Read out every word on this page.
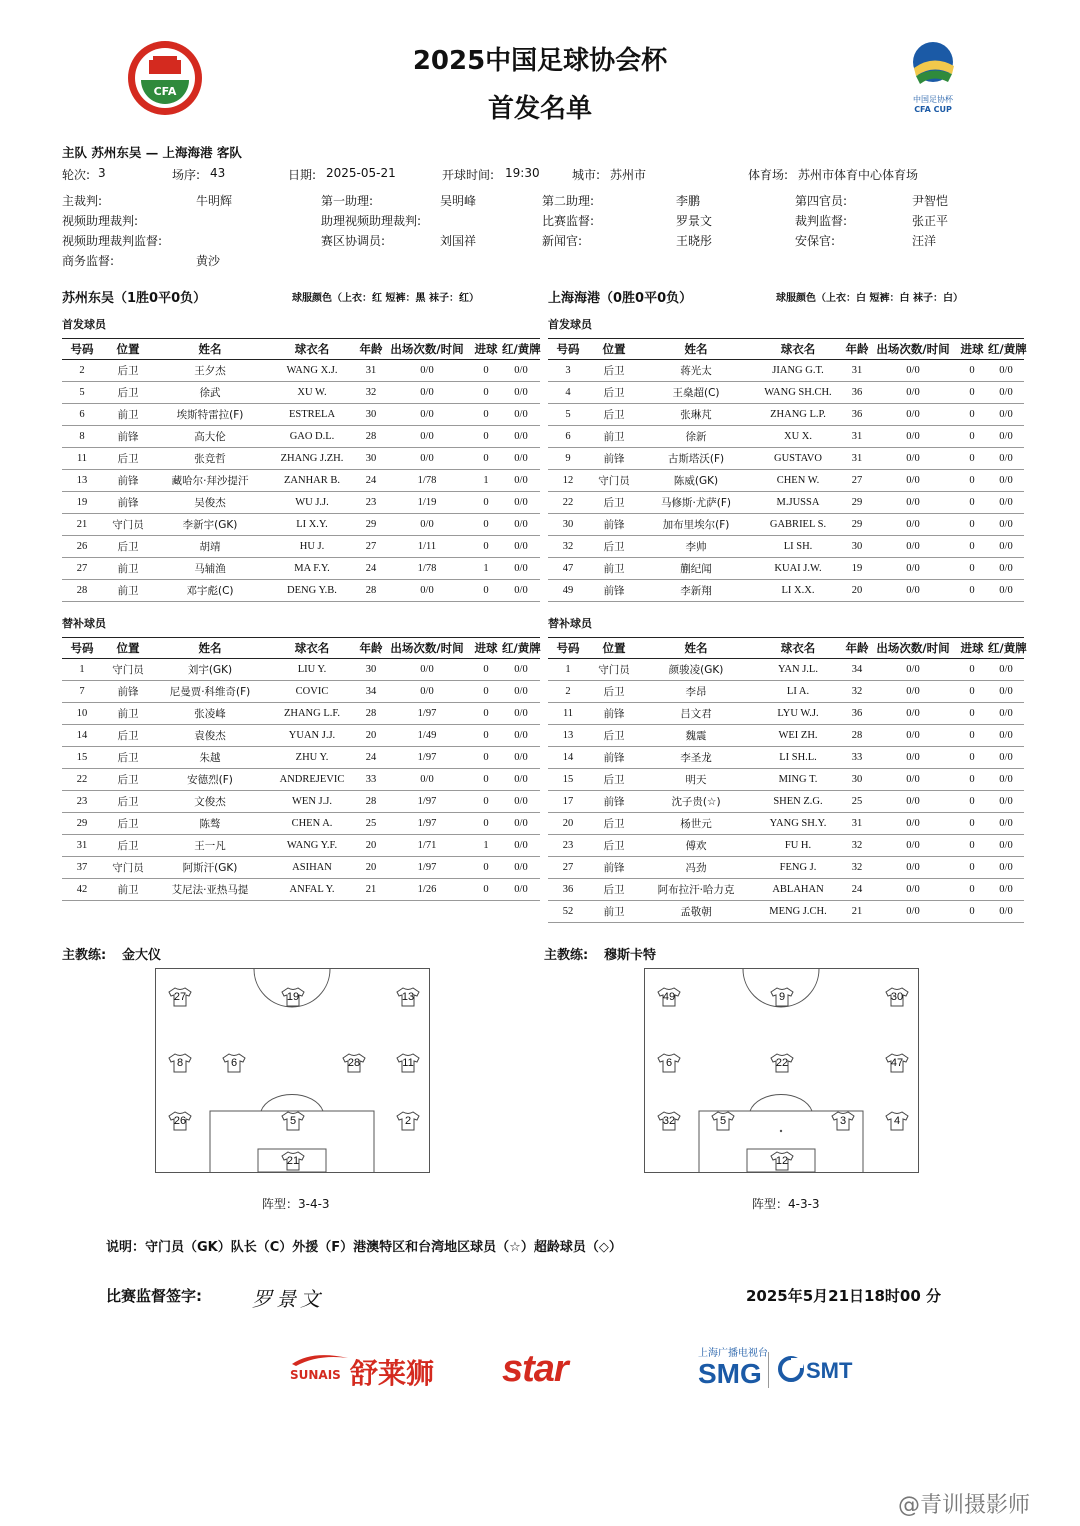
CFA
2025中国足球协会杯
首发名单	中国足协杯
CFA CUP
主队 苏州东吴 — 上海海港 客队
轮次: 3	场序: 43	日期: 2025-05-21	开球时间: 19:30	城市: 苏州市	体育场: 苏州市体育中心体育场
主裁判:	牛明辉	第一助理:	吴明峰	第二助理:	李鹏	第四官员:	尹智恺
视频助理裁判:	助理视频助理裁判:	比赛监督:	罗景文	裁判监督:	张正平
视频助理裁判监督:	赛区协调员:	刘国祥	新闻官:	王晓彤	安保官:	汪洋
商务监督:	黄沙
苏州东吴（1胜0平0负）	球服颜色（上衣：红 短裤：黑 袜子：红）	上海海港（0胜0平0负）	球服颜色（上衣：白 短裤：白 袜子：白）
首发球员	首发球员
号码	位置	姓名	球衣名	年龄	出场次数/时间	进球	红/黄牌
2	后卫	王夕杰	WANG X.J.	31	0/0	0	0/0
5	后卫	徐武	XU W.	32	0/0	0	0/0
6	前卫	埃斯特雷拉(F)	ESTRELA	30	0/0	0	0/0
8	前锋	高大伦	GAO D.L.	28	0/0	0	0/0
11	后卫	张竞哲	ZHANG J.ZH.	30	0/0	0	0/0
13	前锋	藏哈尔·拜沙提汗	ZANHAR B.	24	1/78	1	0/0
19	前锋	吴俊杰	WU J.J.	23	1/19	0	0/0
21	守门员	李新宇(GK)	LI X.Y.	29	0/0	0	0/0
26	后卫	胡靖	HU J.	27	1/11	0	0/0
27	前卫	马辅渔	MA F.Y.	24	1/78	1	0/0
28	前卫	邓宇彪(C)	DENG Y.B.	28	0/0	0	0/0
号码	位置	姓名	球衣名	年龄	出场次数/时间	进球	红/黄牌
3	后卫	蒋光太	JIANG G.T.	31	0/0	0	0/0
4	后卫	王燊超(C)	WANG SH.CH.	36	0/0	0	0/0
5	后卫	张琳芃	ZHANG L.P.	36	0/0	0	0/0
6	前卫	徐新	XU X.	31	0/0	0	0/0
9	前锋	古斯塔沃(F)	GUSTAVO	31	0/0	0	0/0
12	守门员	陈威(GK)	CHEN W.	27	0/0	0	0/0
22	后卫	马修斯·尤萨(F)	M.JUSSA	29	0/0	0	0/0
30	前锋	加布里埃尔(F)	GABRIEL S.	29	0/0	0	0/0
32	后卫	李帅	LI SH.	30	0/0	0	0/0
47	前卫	蒯纪闻	KUAI J.W.	19	0/0	0	0/0
49	前锋	李新翔	LI X.X.	20	0/0	0	0/0
替补球员	替补球员
号码	位置	姓名	球衣名	年龄	出场次数/时间	进球	红/黄牌
1	守门员	刘宇(GK)	LIU Y.	30	0/0	0	0/0
7	前锋	尼曼贾·科维奇(F)	COVIC	34	0/0	0	0/0
10	前卫	张凌峰	ZHANG L.F.	28	1/97	0	0/0
14	后卫	袁俊杰	YUAN J.J.	20	1/49	0	0/0
15	后卫	朱越	ZHU Y.	24	1/97	0	0/0
22	后卫	安德烈(F)	ANDREJEVIC	33	0/0	0	0/0
23	后卫	文俊杰	WEN J.J.	28	1/97	0	0/0
29	后卫	陈骜	CHEN A.	25	1/97	0	0/0
31	后卫	王一凡	WANG Y.F.	20	1/71	1	0/0
37	守门员	阿斯汗(GK)	ASIHAN	20	1/97	0	0/0
42	前卫	艾尼法·亚热马提	ANFAL Y.	21	1/26	0	0/0
号码	位置	姓名	球衣名	年龄	出场次数/时间	进球	红/黄牌
1	守门员	颜骏凌(GK)	YAN J.L.	34	0/0	0	0/0
2	后卫	李昂	LI A.	32	0/0	0	0/0
11	前锋	吕文君	LYU W.J.	36	0/0	0	0/0
13	后卫	魏震	WEI ZH.	28	0/0	0	0/0
14	前锋	李圣龙	LI SH.L.	33	0/0	0	0/0
15	后卫	明天	MING T.	30	0/0	0	0/0
17	前锋	沈子贵(☆)	SHEN Z.G.	25	0/0	0	0/0
20	后卫	杨世元	YANG SH.Y.	31	0/0	0	0/0
23	后卫	傅欢	FU H.	32	0/0	0	0/0
27	前锋	冯劲	FENG J.	32	0/0	0	0/0
36	后卫	阿布拉汗·哈力克	ABLAHAN	24	0/0	0	0/0
52	前卫	孟敬朝	MENG J.CH.	21	0/0	0	0/0
主教练: 金大仪	主教练: 穆斯卡特
27	19	13
8	6	28	11
26	5	2
21
49	9	30
6	22	47
32	5	3	4
12
阵型：3-4-3	阵型：4-3-3
说明：守门员（GK）队长（C）外援（F）港澳特区和台湾地区球员（☆）超龄球员（◇）
比赛监督签字:	罗景文	2025年5月21日18时00 分
SUNAIS 舒莱狮 star	上海广播电视台
SMG SMT
@青训摄影师
